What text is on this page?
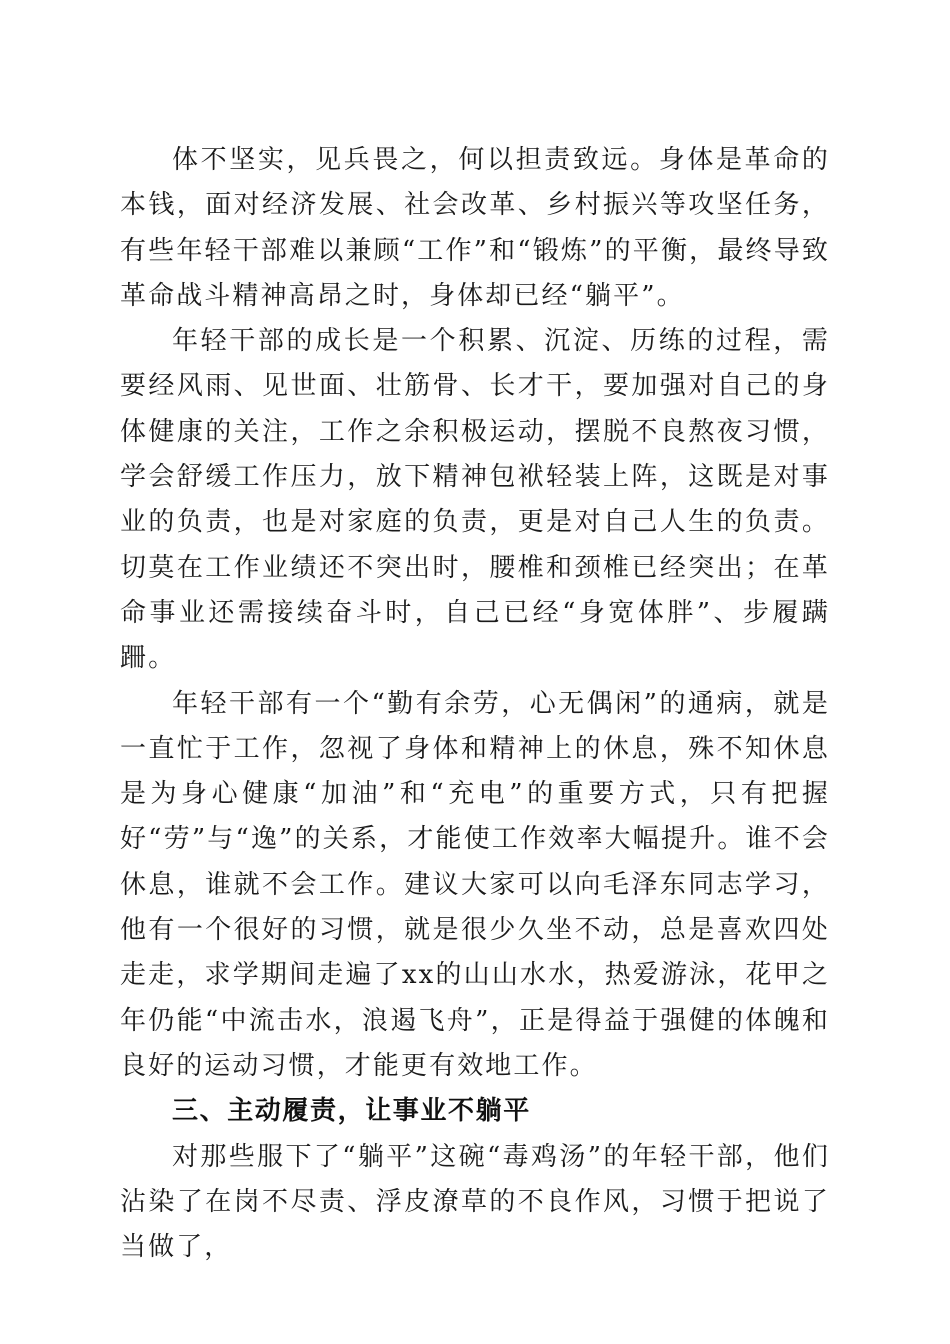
体不坚实，见兵畏之，何以担责致远。身体是革命的本钱，面对经济发展、社会改革、乡村振兴等攻坚任务，有些年轻干部难以兼顾“工作”和“锻炼”的平衡，最终导致革命战斗精神高昂之时，身体却已经“躺平”。

年轻干部的成长是一个积累、沉淀、历练的过程，需要经风雨、见世面、壮筋骨、长才干，要加强对自己的身体健康的关注，工作之余积极运动，摆脱不良熬夜习惯，学会舒缓工作压力，放下精神包袱轻装上阵，这既是对事业的负责，也是对家庭的负责，更是对自己人生的负责。切莫在工作业绩还不突出时，腰椎和颈椎已经突出；在革命事业还需接续奋斗时，自己已经“身宽体胖”、步履蹒跚。

年轻干部有一个“勤有余劳，心无偶闲”的通病，就是一直忙于工作，忽视了身体和精神上的休息，殊不知休息是为身心健康“加油”和“充电”的重要方式，只有把握好“劳”与“逸”的关系，才能使工作效率大幅提升。谁不会休息，谁就不会工作。建议大家可以向毛泽东同志学习，他有一个很好的习惯，就是很少久坐不动，总是喜欢四处走走，求学期间走遍了xx的山山水水，热爱游泳，花甲之年仍能“中流击水，浪遏飞舟”，正是得益于强健的体魄和良好的运动习惯，才能更有效地工作。

三、主动履责，让事业不躺平

对那些服下了“躺平”这碗“毒鸡汤”的年轻干部，他们沾染了在岗不尽责、浮皮潦草的不良作风，习惯于把说了当做了，
